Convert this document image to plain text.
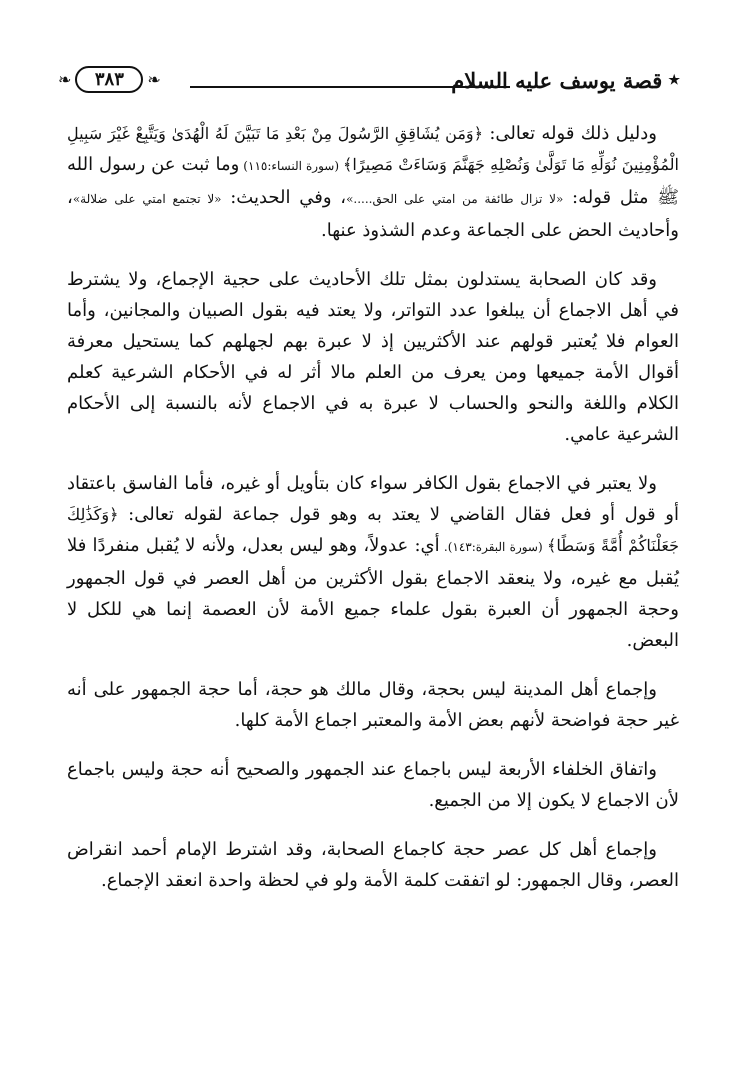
❧	٣٨٣	❧	★
قصة يوسف عليه السلام

ودليل ذلك قوله تعالى: ﴿وَمَن يُشَاقِقِ الرَّسُولَ مِنْ بَعْدِ مَا تَبَيَّنَ لَهُ الْهُدَىٰ وَيَتَّبِعْ غَيْرَ سَبِيلِ الْمُؤْمِنِينَ نُوَلِّهِ مَا تَوَلَّىٰ وَنُصْلِهِ جَهَنَّمَ وَسَاءَتْ مَصِيرًا﴾ (سورة النساء:١١٥) وما ثبت عن رسول الله ﷺ مثل قوله: «لا تزال طائفة من امتي على الحق.....»، وفي الحديث: «لا تجتمع امتي على ضلالة»، وأحاديث الحض على الجماعة وعدم الشذوذ عنها.

وقد كان الصحابة يستدلون بمثل تلك الأحاديث على حجية الإجماع، ولا يشترط في أهل الاجماع أن يبلغوا عدد التواتر، ولا يعتد فيه بقول الصبيان والمجانين، وأما العوام فلا يُعتبر قولهم عند الأكثريين إذ لا عبرة بهم لجهلهم كما يستحيل معرفة أقوال الأمة جميعها ومن يعرف من العلم مالا أثر له في الأحكام الشرعية كعلم الكلام واللغة والنحو والحساب لا عبرة به في الاجماع لأنه بالنسبة إلى الأحكام الشرعية عامي.

ولا يعتبر في الاجماع بقول الكافر سواء كان بتأويل أو غيره، فأما الفاسق باعتقاد أو قول أو فعل فقال القاضي لا يعتد به وهو قول جماعة لقوله تعالى: ﴿وَكَذَٰلِكَ جَعَلْنَاكُمْ أُمَّةً وَسَطًا﴾ (سورة البقرة:١٤٣). أي: عدولاً، وهو ليس بعدل، ولأنه لا يُقبل منفردًا فلا يُقبل مع غيره، ولا ينعقد الاجماع بقول الأكثرين من أهل العصر في قول الجمهور وحجة الجمهور أن العبرة بقول علماء جميع الأمة لأن العصمة إنما هي للكل لا البعض.

وإجماع أهل المدينة ليس بحجة، وقال مالك هو حجة، أما حجة الجمهور على أنه غير حجة فواضحة لأنهم بعض الأمة والمعتبر اجماع الأمة كلها.

واتفاق الخلفاء الأربعة ليس باجماع عند الجمهور والصحيح أنه حجة وليس باجماع لأن الاجماع لا يكون إلا من الجميع.

وإجماع أهل كل عصر حجة كاجماع الصحابة، وقد اشترط الإمام أحمد انقراض العصر، وقال الجمهور: لو اتفقت كلمة الأمة ولو في لحظة واحدة انعقد الإجماع.
